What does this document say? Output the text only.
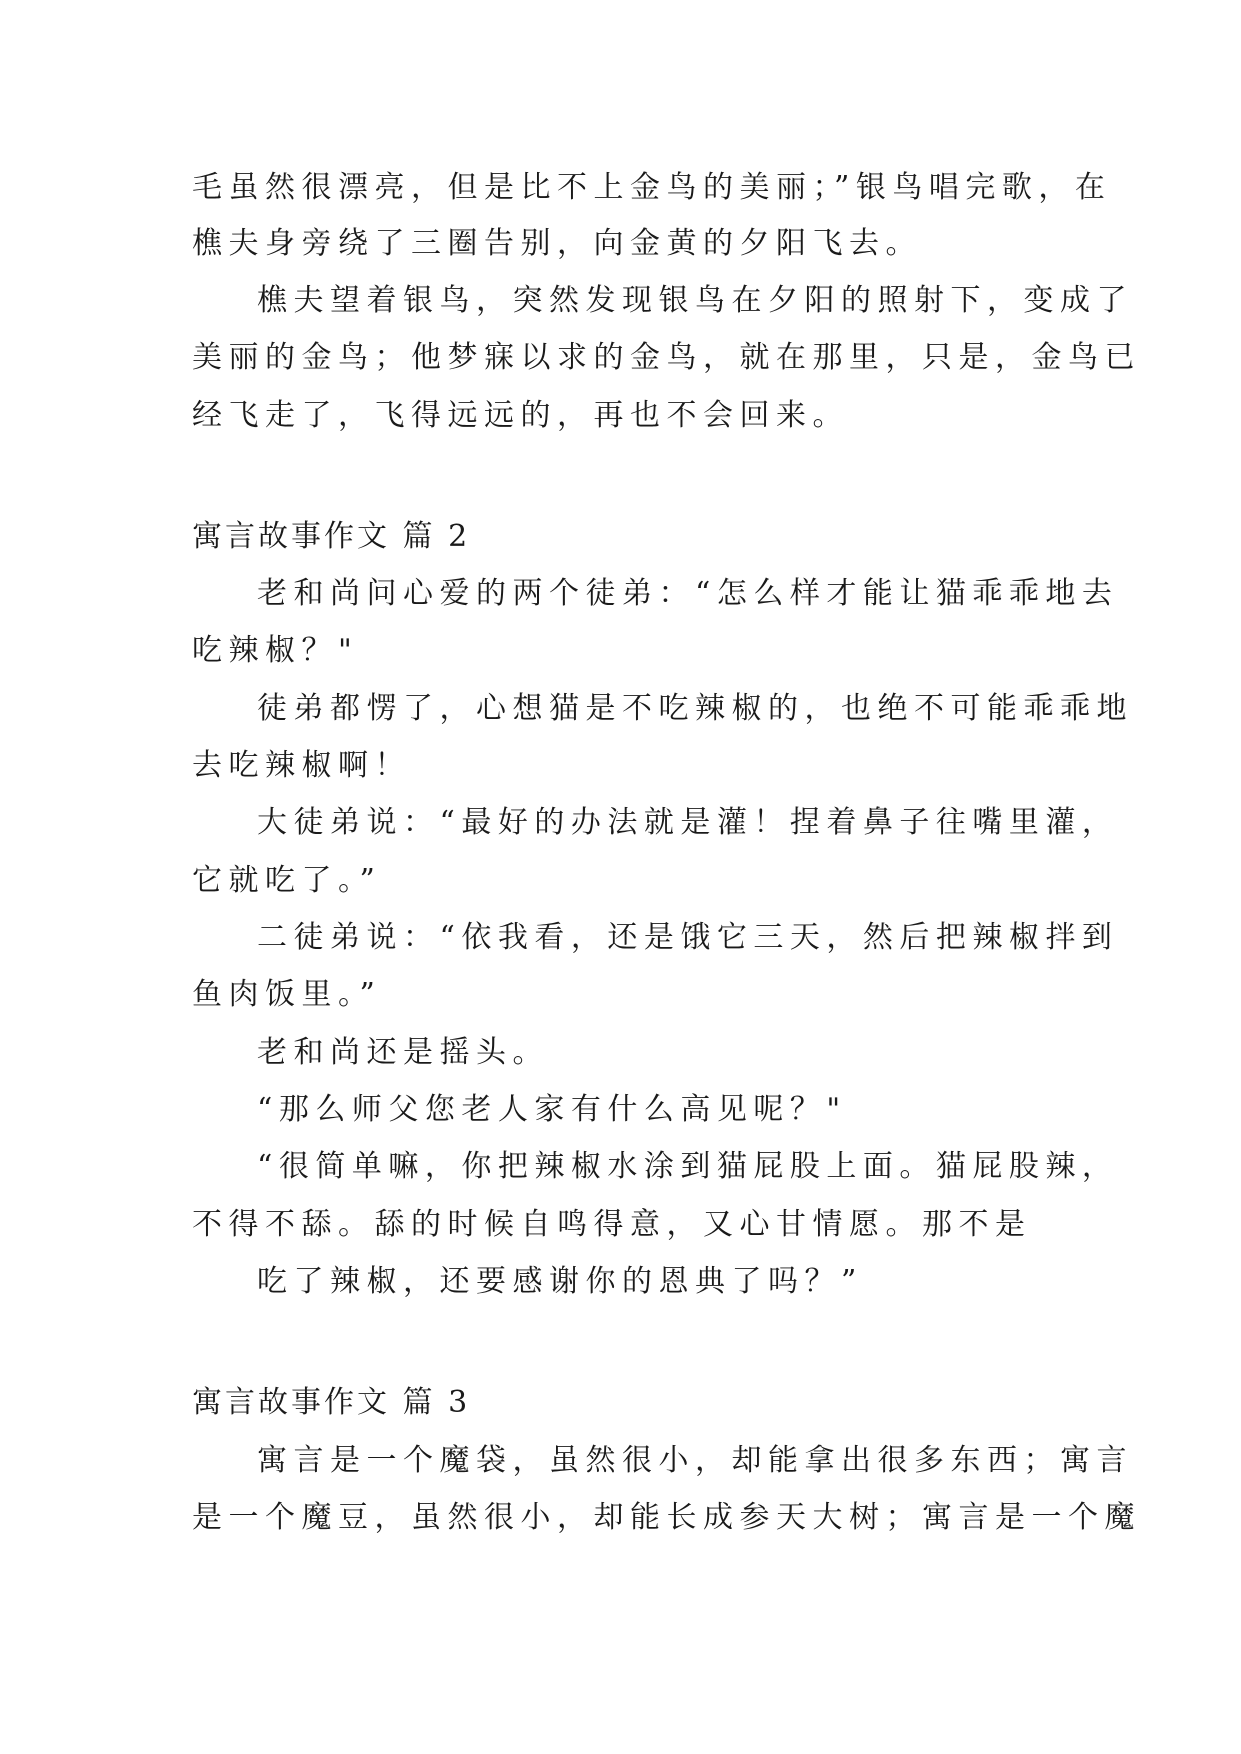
毛虽然很漂亮，但是比不上金鸟的美丽；”银鸟唱完歌，在
樵夫身旁绕了三圈告别，向金黄的夕阳飞去。
樵夫望着银鸟，突然发现银鸟在夕阳的照射下，变成了
美丽的金鸟；他梦寐以求的金鸟，就在那里，只是，金鸟已
经飞走了，飞得远远的，再也不会回来。
寓言故事作文 篇 2
老和尚问心爱的两个徒弟：“怎么样才能让猫乖乖地去
吃辣椒？"
徒弟都愣了，心想猫是不吃辣椒的，也绝不可能乖乖地
去吃辣椒啊！
大徒弟说：“最好的办法就是灌！捏着鼻子往嘴里灌，
它就吃了。”
二徒弟说：“依我看，还是饿它三天，然后把辣椒拌到
鱼肉饭里。”
老和尚还是摇头。
“那么师父您老人家有什么高见呢？"
“很简单嘛，你把辣椒水涂到猫屁股上面。猫屁股辣，
不得不舔。舔的时候自鸣得意，又心甘情愿。那不是
吃了辣椒，还要感谢你的恩典了吗？”
寓言故事作文 篇 3
寓言是一个魔袋，虽然很小，却能拿出很多东西；寓言
是一个魔豆，虽然很小，却能长成参天大树；寓言是一个魔
